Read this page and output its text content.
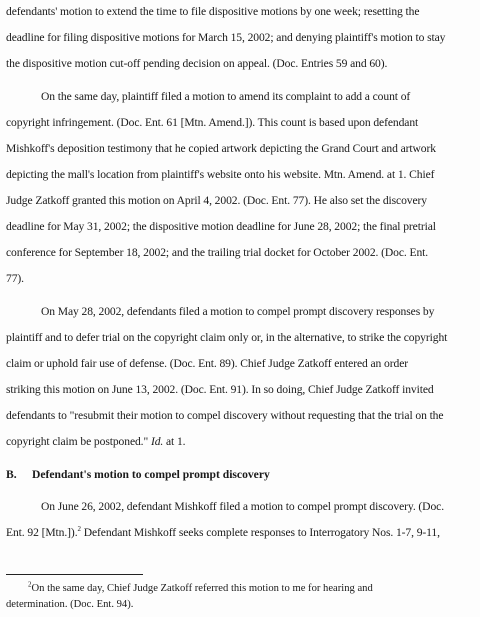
defendants' motion to extend the time to file dispositive motions by one week; resetting the
deadline for filing dispositive motions for March 15, 2002; and denying plaintiff's motion to stay
the dispositive motion cut-off pending decision on appeal. (Doc. Entries 59 and 60).
On the same day, plaintiff filed a motion to amend its complaint to add a count of
copyright infringement. (Doc. Ent. 61 [Mtn. Amend.]). This count is based upon defendant
Mishkoff's deposition testimony that he copied artwork depicting the Grand Court and artwork
depicting the mall's location from plaintiff's website onto his website. Mtn. Amend. at 1. Chief
Judge Zatkoff granted this motion on April 4, 2002. (Doc. Ent. 77). He also set the discovery
deadline for May 31, 2002; the dispositive motion deadline for June 28, 2002; the final pretrial
conference for September 18, 2002; and the trailing trial docket for October 2002. (Doc. Ent.
77).
On May 28, 2002, defendants filed a motion to compel prompt discovery responses by
plaintiff and to defer trial on the copyright claim only or, in the alternative, to strike the copyright
claim or uphold fair use of defense. (Doc. Ent. 89). Chief Judge Zatkoff entered an order
striking this motion on June 13, 2002. (Doc. Ent. 91). In so doing, Chief Judge Zatkoff invited
defendants to "resubmit their motion to compel discovery without requesting that the trial on the
copyright claim be postponed." Id. at 1.
B. Defendant's motion to compel prompt discovery
On June 26, 2002, defendant Mishkoff filed a motion to compel prompt discovery. (Doc.
Ent. 92 [Mtn.]).$^2$ Defendant Mishkoff seeks complete responses to Interrogatory Nos. 1-7, 9-11,
$^2$On the same day, Chief Judge Zatkoff referred this motion to me for hearing and
determination. (Doc. Ent. 94).
